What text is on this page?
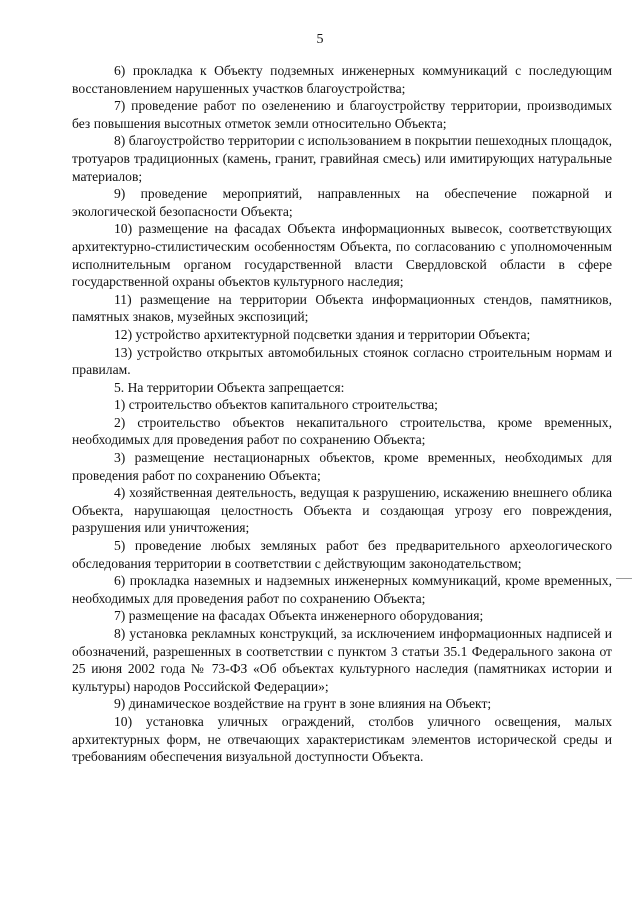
5

6) прокладка к Объекту подземных инженерных коммуникаций с последующим восстановлением нарушенных участков благоустройства;

7) проведение работ по озеленению и благоустройству территории, производимых без повышения высотных отметок земли относительно Объекта;

8) благоустройство территории с использованием в покрытии пешеходных площадок, тротуаров традиционных (камень, гранит, гравийная смесь) или имитирующих натуральные материалов;

9) проведение мероприятий, направленных на обеспечение пожарной и экологической безопасности Объекта;

10) размещение на фасадах Объекта информационных вывесок, соответствующих архитектурно-стилистическим особенностям Объекта, по согласованию с уполномоченным исполнительным органом государственной власти Свердловской области в сфере государственной охраны объектов культурного наследия;

11) размещение на территории Объекта информационных стендов, памятников, памятных знаков, музейных экспозиций;

12) устройство архитектурной подсветки здания и территории Объекта;

13) устройство открытых автомобильных стоянок согласно строительным нормам и правилам.

5. На территории Объекта запрещается:

1) строительство объектов капитального строительства;

2) строительство объектов некапитального строительства, кроме временных, необходимых для проведения работ по сохранению Объекта;

3) размещение нестационарных объектов, кроме временных, необходимых для проведения работ по сохранению Объекта;

4) хозяйственная деятельность, ведущая к разрушению, искажению внешнего облика Объекта, нарушающая целостность Объекта и создающая угрозу его повреждения, разрушения или уничтожения;

5) проведение любых земляных работ без предварительного археологического обследования территории в соответствии с действующим законодательством;

6) прокладка наземных и надземных инженерных коммуникаций, кроме временных, необходимых для проведения работ по сохранению Объекта;

7) размещение на фасадах Объекта инженерного оборудования;

8) установка рекламных конструкций, за исключением информационных надписей и обозначений, разрешенных в соответствии с пунктом 3 статьи 35.1 Федерального закона от 25 июня 2002 года № 73-ФЗ «Об объектах культурного наследия (памятниках истории и культуры) народов Российской Федерации»;

9) динамическое воздействие на грунт в зоне влияния на Объект;

10) установка уличных ограждений, столбов уличного освещения, малых архитектурных форм, не отвечающих характеристикам элементов исторической среды и требованиям обеспечения визуальной доступности Объекта.
